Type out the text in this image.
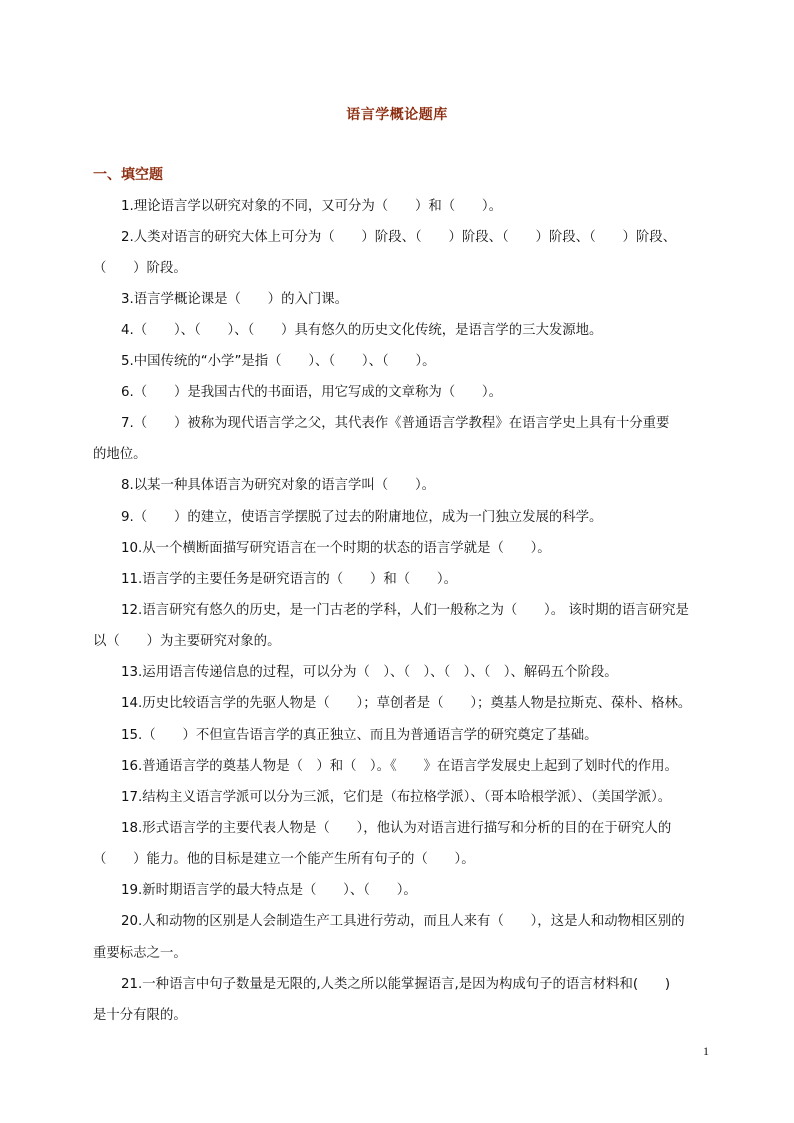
语言学概论题库
一、填空题
1.理论语言学以研究对象的不同，又可分为（　　）和（　　）。
2.人类对语言的研究大体上可分为（　　）阶段、（　　）阶段、（　　）阶段、（　　）阶段、
（　　）阶段。
3.语言学概论课是（　　）的入门课。
4.（　　）、（　　）、（　　）具有悠久的历史文化传统，是语言学的三大发源地。
5.中国传统的“小学”是指（　　）、（　　）、（　　）。
6.（　　）是我国古代的书面语，用它写成的文章称为（　　）。
7.（　　）被称为现代语言学之父，其代表作《普通语言学教程》在语言学史上具有十分重要
的地位。
8.以某一种具体语言为研究对象的语言学叫（　　）。
9.（　　）的建立，使语言学摆脱了过去的附庸地位，成为一门独立发展的科学。
10.从一个横断面描写研究语言在一个时期的状态的语言学就是（　　）。
11.语言学的主要任务是研究语言的（　　）和（　　）。
12.语言研究有悠久的历史，是一门古老的学科，人们一般称之为（　　）。 该时期的语言研究是
以（　　）为主要研究对象的。
13.运用语言传递信息的过程，可以分为（　）、（　）、（　）、（　）、解码五个阶段。
14.历史比较语言学的先驱人物是（　　）；草创者是（　　）；奠基人物是拉斯克、葆朴、格林。
15.（　　）不但宣告语言学的真正独立、而且为普通语言学的研究奠定了基础。
16.普通语言学的奠基人物是（　）和（　）。《　　》在语言学发展史上起到了划时代的作用。
17.结构主义语言学派可以分为三派，它们是（布拉格学派）、（哥本哈根学派）、（美国学派）。
18.形式语言学的主要代表人物是（　　），他认为对语言进行描写和分析的目的在于研究人的
（　　）能力。他的目标是建立一个能产生所有句子的（　　）。
19.新时期语言学的最大特点是（　　）、（　　）。
20.人和动物的区别是人会制造生产工具进行劳动，而且人来有（　　），这是人和动物相区别的
重要标志之一。
21.一种语言中句子数量是无限的,人类之所以能掌握语言,是因为构成句子的语言材料和(　　)
是十分有限的。
1
